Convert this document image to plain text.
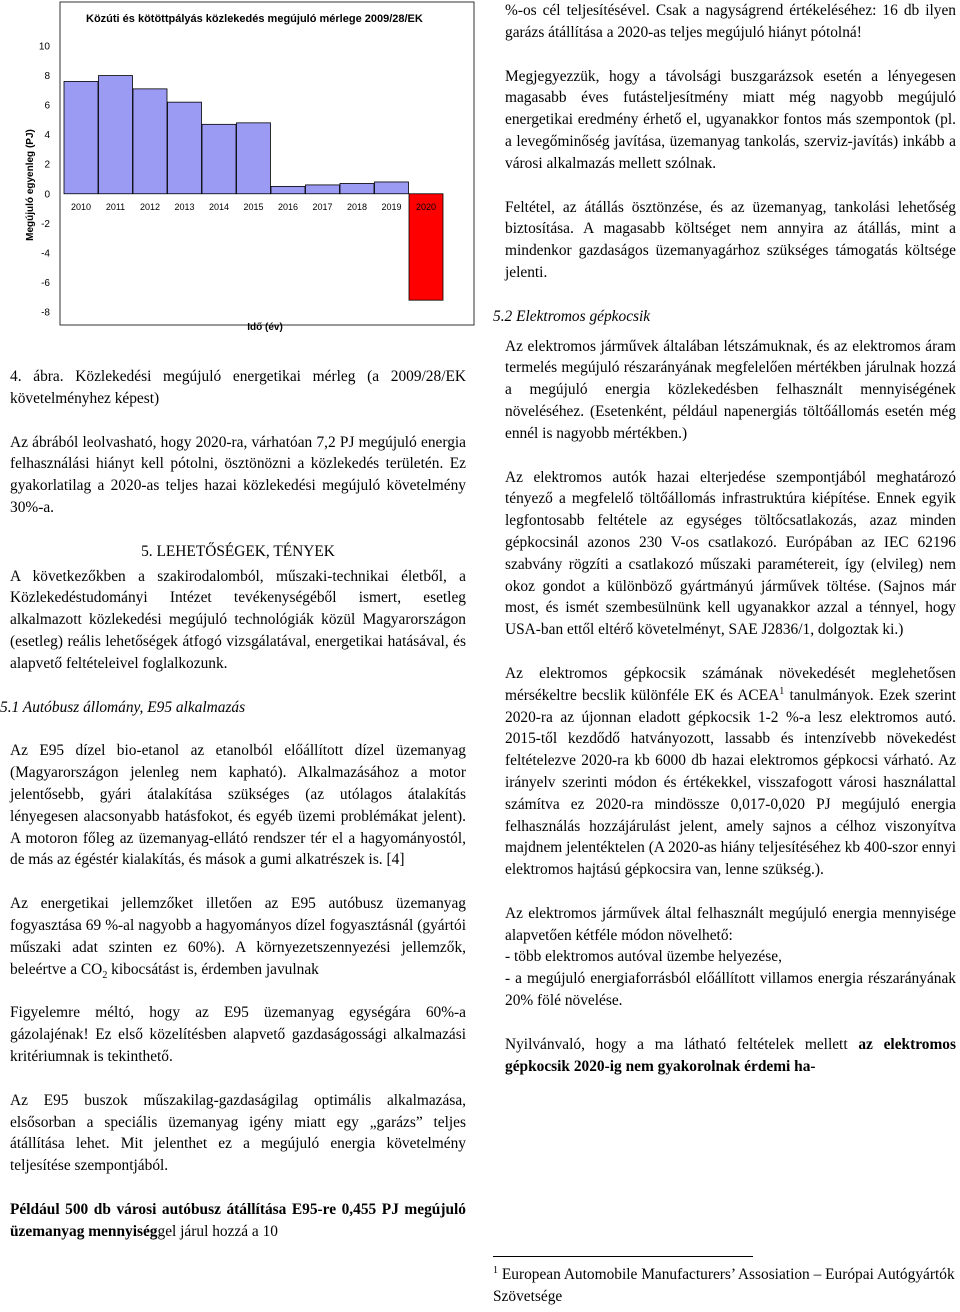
Közúti és kötöttpályás közlekedés megújuló mérlege 2009/28/EK
Megújuló egyenleg (PJ)
Idő (év)
10
8
6
4
2
0
-2
-4
-6
-8
2010 2011 2012 2013 2014 2015 2016 2017 2018 2019 2020

4. ábra. Közlekedési megújuló energetikai mérleg (a 2009/28/EK követelményhez képest)

Az ábrából leolvasható, hogy 2020-ra, várhatóan 7,2 PJ megújuló energia felhasználási hiányt kell pótolni, ösztönözni a közlekedés területén. Ez gyakorlatilag a 2020-as teljes hazai közlekedési megújuló követelmény 30%-a.

5. LEHETŐSÉGEK, TÉNYEK

A következőkben a szakirodalomból, műszaki-technikai életből, a Közlekedéstudományi Intézet tevékenységéből ismert, esetleg alkalmazott közlekedési megújuló technológiák közül Magyarországon (esetleg) reális lehetőségek átfogó vizsgálatával, energetikai hatásával, és alapvető feltételeivel foglalkozunk.

5.1 Autóbusz állomány, E95 alkalmazás

Az E95 dízel bio-etanol az etanolból előállított dízel üzemanyag (Magyarországon jelenleg nem kapható). Alkalmazásához a motor jelentősebb, gyári átalakítása szükséges (az utólagos átalakítás lényegesen alacsonyabb hatásfokot, és egyéb üzemi problémákat jelent). A motoron főleg az üzemanyag-ellátó rendszer tér el a hagyományostól, de más az égéstér kialakítás, és mások a gumi alkatrészek is. [4]

Az energetikai jellemzőket illetően az E95 autóbusz üzemanyag fogyasztása 69 %-al nagyobb a hagyományos dízel fogyasztásnál (gyártói műszaki adat szinten ez 60%). A környezetszennyezési jellemzők, beleértve a $CO_2$ kibocsátást is, érdemben javulnak

Figyelemre méltó, hogy az E95 üzemanyag egységára 60%-a gázolajénak! Ez első közelítésben alapvető gazdaságossági alkalmazási kritériumnak is tekinthető.

Az E95 buszok műszakilag-gazdaságilag optimális alkalmazása, elsősorban a speciális üzemanyag igény miatt egy „garázs” teljes átállítása lehet. Mit jelenthet ez a megújuló energia követelmény teljesítése szempontjából.

Például 500 db városi autóbusz átállítása E95-re 0,455 PJ megújuló üzemanyag mennyiséggel járul hozzá a 10

%-os cél teljesítésével. Csak a nagyságrend értékeléséhez: 16 db ilyen garázs átállítása a 2020-as teljes megújuló hiányt pótolná!

Megjegyezzük, hogy a távolsági buszgarázsok esetén a lényegesen magasabb éves futásteljesítmény miatt még nagyobb megújuló energetikai eredmény érhető el, ugyanakkor fontos más szempontok (pl. a levegőminőség javítása, üzemanyag tankolás, szerviz-javítás) inkább a városi alkalmazás mellett szólnak.

Feltétel, az átállás ösztönzése, és az üzemanyag, tankolási lehetőség biztosítása. A magasabb költséget nem annyira az átállás, mint a mindenkor gazdaságos üzemanyagárhoz szükséges támogatás költsége jelenti.

5.2 Elektromos gépkocsik

Az elektromos járművek általában létszámuknak, és az elektromos áram termelés megújuló részarányának megfelelően mértékben járulnak hozzá a megújuló energia közlekedésben felhasznált mennyiségének növeléséhez. (Esetenként, például napenergiás töltőállomás esetén még ennél is nagyobb mértékben.)

Az elektromos autók hazai elterjedése szempontjából meghatározó tényező a megfelelő töltőállomás infrastruktúra kiépítése. Ennek egyik legfontosabb feltétele az egységes töltőcsatlakozás, azaz minden gépkocsinál azonos 230 V-os csatlakozó. Európában az IEC 62196 szabvány rögzíti a csatlakozó műszaki paramétereit, így (elvileg) nem okoz gondot a különböző gyártmányú járművek töltése. (Sajnos már most, és ismét szembesülnünk kell ugyanakkor azzal a ténnyel, hogy USA-ban ettől eltérő követelményt, SAE J2836/1, dolgoztak ki.)

Az elektromos gépkocsik számának növekedését meglehetősen mérsékeltre becslik különféle EK és ACEA$^1$ tanulmányok. Ezek szerint 2020-ra az újonnan eladott gépkocsik 1-2 %-a lesz elektromos autó. 2015-től kezdődő hatványozott, lassabb és intenzívebb növekedést feltételezve 2020-ra kb 6000 db hazai elektromos gépkocsi várható. Az irányelv szerinti módon és értékekkel, visszafogott városi használattal számítva ez 2020-ra mindössze 0,017-0,020 PJ megújuló energia felhasználás hozzájárulást jelent, amely sajnos a célhoz viszonyítva majdnem jelentéktelen (A 2020-as hiány teljesítéséhez kb 400-szor ennyi elektromos hajtású gépkocsira van, lenne szükség.).

Az elektromos járművek által felhasznált megújuló energia mennyisége alapvetően kétféle módon növelhető:

- több elektromos autóval üzembe helyezése,

- a megújuló energiaforrásból előállított villamos energia részarányának 20% fölé növelése.

Nyilvánvaló, hogy a ma látható feltételek mellett az elektromos gépkocsik 2020-ig nem gyakorolnak érdemi ha-

$^1$ European Automobile Manufacturers’ Assosiation – Európai Autógyártók Szövetsége
